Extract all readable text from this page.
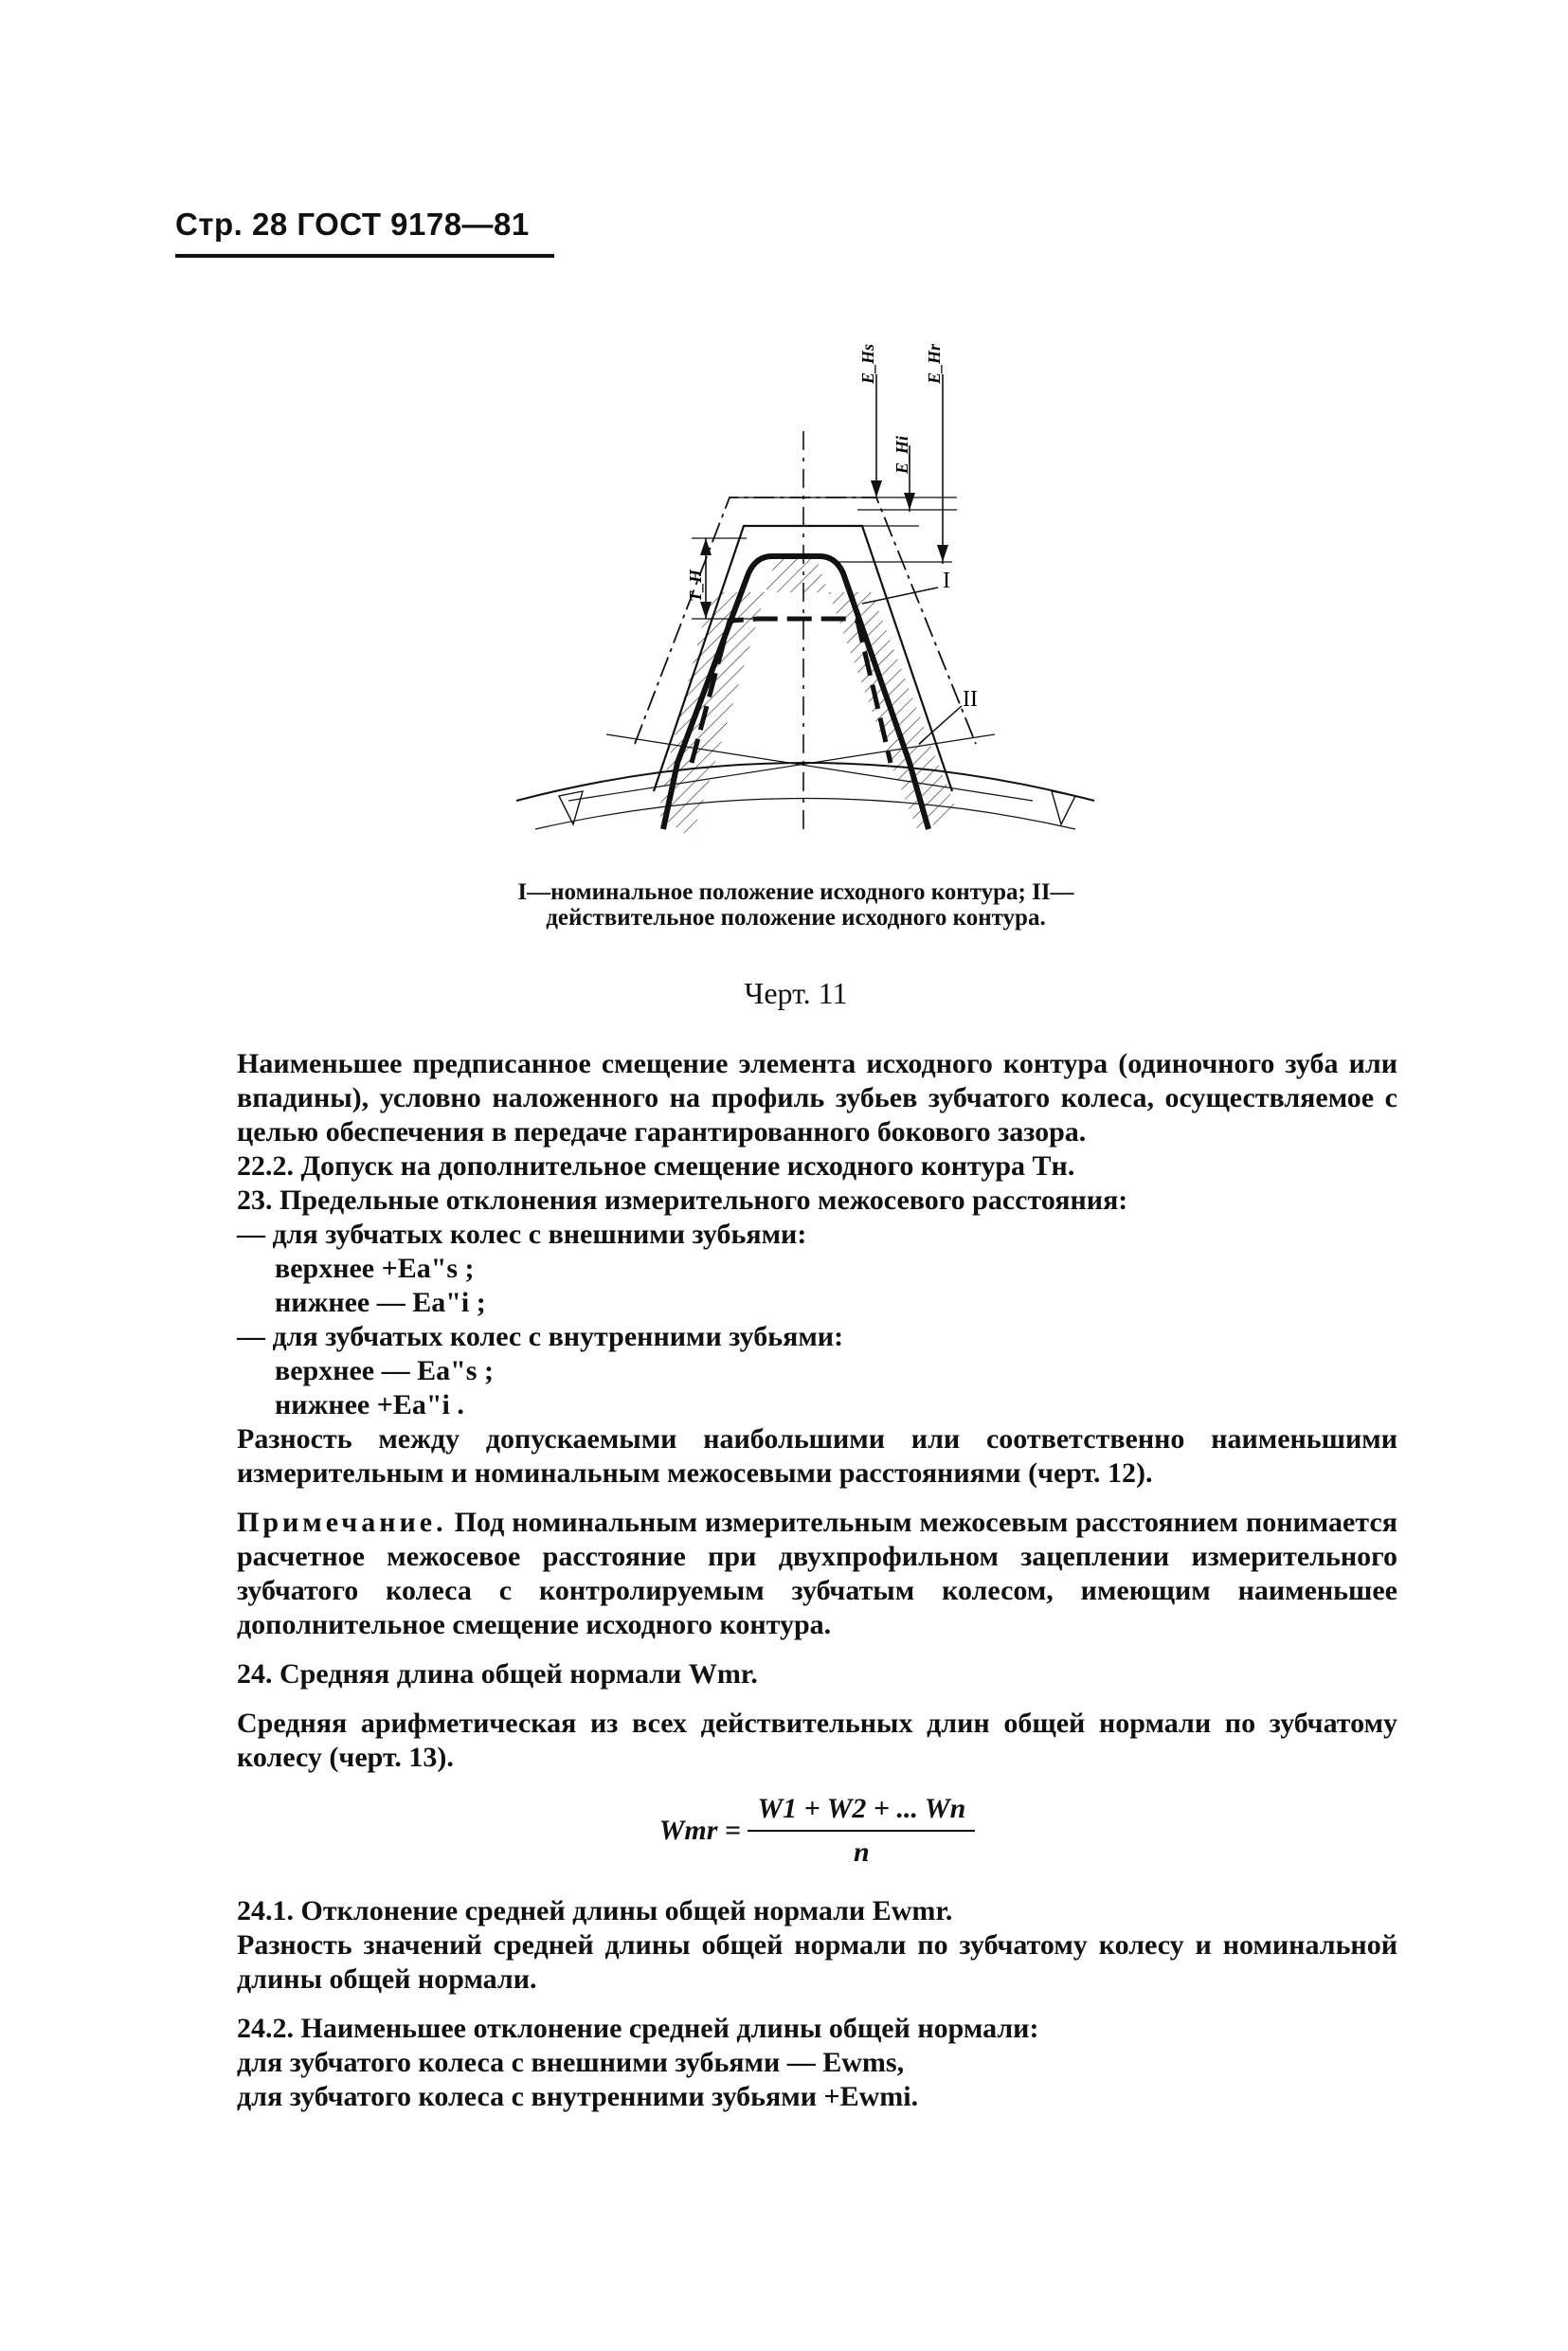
Стр. 28 ГОСТ 9178—81
E_Hs
E_Hi
E_Hr
T_H	I
II
I—номинальное положение исходного контура; II—действительное положение исходного контура.
Черт. 11

Наименьшее предписанное смещение элемента исходного контура (одиночного зуба или впадины), условно наложенного на профиль зубьев зубчатого колеса, осуществляемое с целью обеспечения в передаче гарантированного бокового зазора.

22.2. Допуск на дополнительное смещение исходного контура Tн.

23. Предельные отклонения измерительного межосевого расстояния:

— для зубчатых колес с внешними зубьями:

верхнее +Ea"s ;

нижнее — Ea"i ;

— для зубчатых колес с внутренними зубьями:

верхнее — Ea"s ;

нижнее +Ea"i .

Разность между допускаемыми наибольшими или соответственно наименьшими измерительным и номинальным межосевыми расстояниями (черт. 12).

Примечание. Под номинальным измерительным межосевым расстоянием понимается расчетное межосевое расстояние при двухпрофильном зацеплении измерительного зубчатого колеса с контролируемым зубчатым колесом, имеющим наименьшее дополнительное смещение исходного контура.

24. Средняя длина общей нормали Wmr.

Средняя арифметическая из всех действительных длин общей нормали по зубчатому колесу (черт. 13).

Wmr = $\frac{W1 + W2 + ... Wn}{n}$

24.1. Отклонение средней длины общей нормали Ewmr.

Разность значений средней длины общей нормали по зубчатому колесу и номинальной длины общей нормали.

24.2. Наименьшее отклонение средней длины общей нормали:

для зубчатого колеса с внешними зубьями — Ewms,

для зубчатого колеса с внутренними зубьями +Ewmi.
